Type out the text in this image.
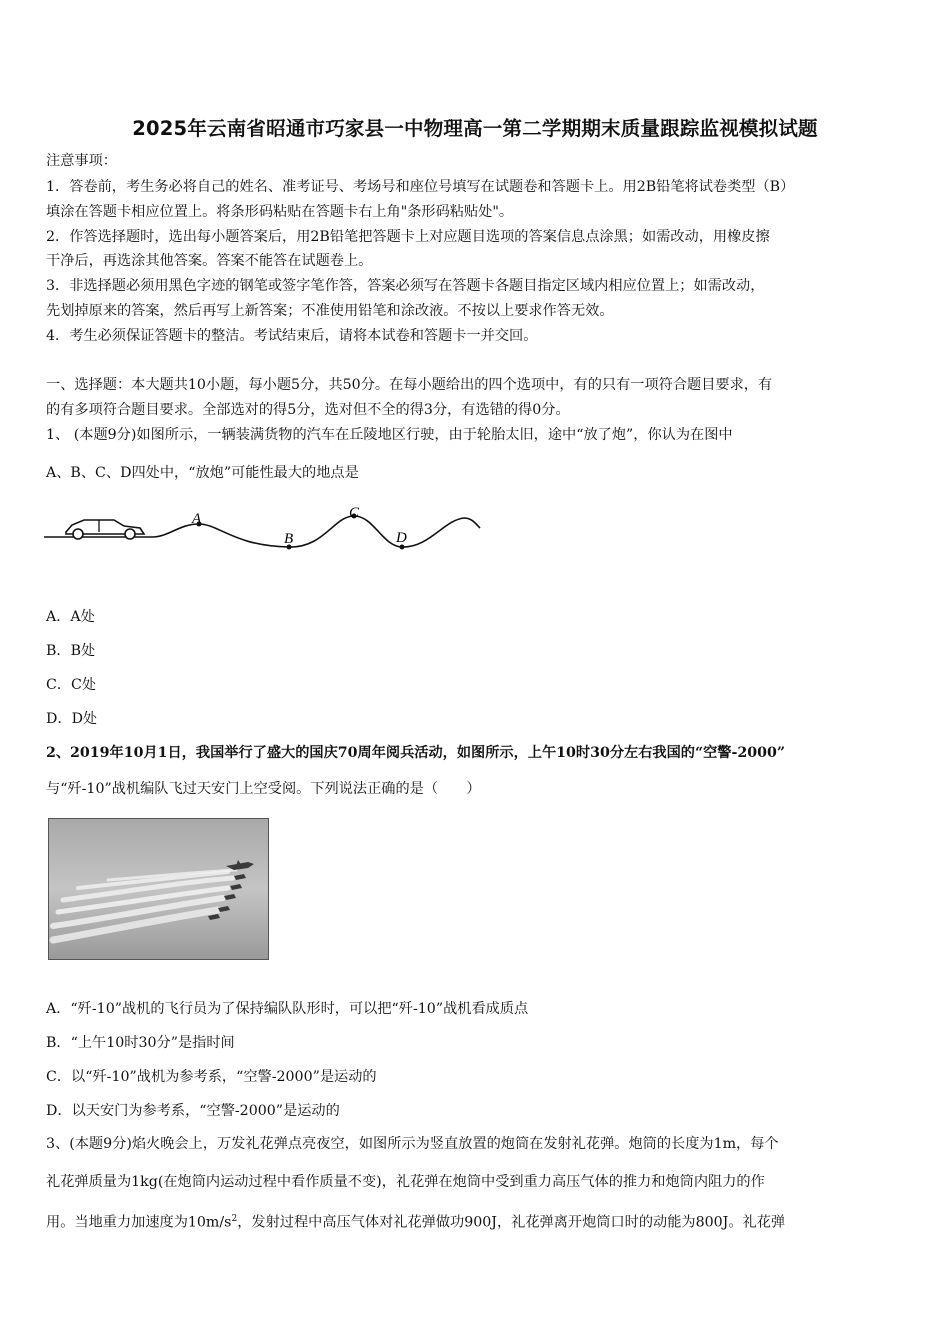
2025年云南省昭通市巧家县一中物理高一第二学期期末质量跟踪监视模拟试题
注意事项：
1．答卷前，考生务必将自己的姓名、准考证号、考场号和座位号填写在试题卷和答题卡上。用2B铅笔将试卷类型（B）
填涂在答题卡相应位置上。将条形码粘贴在答题卡右上角"条形码粘贴处"。
2．作答选择题时，选出每小题答案后，用2B铅笔把答题卡上对应题目选项的答案信息点涂黑；如需改动，用橡皮擦
干净后，再选涂其他答案。答案不能答在试题卷上。
3．非选择题必须用黑色字迹的钢笔或签字笔作答，答案必须写在答题卡各题目指定区域内相应位置上；如需改动，
先划掉原来的答案，然后再写上新答案；不准使用铅笔和涂改液。不按以上要求作答无效。
4．考生必须保证答题卡的整洁。考试结束后，请将本试卷和答题卡一并交回。
一、选择题：本大题共10小题，每小题5分，共50分。在每小题给出的四个选项中，有的只有一项符合题目要求，有
的有多项符合题目要求。全部选对的得5分，选对但不全的得3分，有选错的得0分。
1、 (本题9分)如图所示，一辆装满货物的汽车在丘陵地区行驶，由于轮胎太旧，途中“放了炮”，你认为在图中
A、B、C、D四处中，“放炮”可能性最大的地点是
A
B
C
D
A．A处
B．B处
C．C处
D．D处
2、2019年10月1日，我国举行了盛大的国庆70周年阅兵活动，如图所示，上午10时30分左右我国的“空警-2000”
与“歼-10”战机编队飞过天安门上空受阅。下列说法正确的是（　　）
A．“歼-10”战机的飞行员为了保持编队队形时，可以把“歼-10”战机看成质点
B．“上午10时30分”是指时间
C．以“歼-10”战机为参考系，“空警-2000”是运动的
D．以天安门为参考系，“空警-2000”是运动的
3、(本题9分)焰火晚会上，万发礼花弹点亮夜空，如图所示为竖直放置的炮筒在发射礼花弹。炮筒的长度为1m，每个
礼花弹质量为1kg(在炮筒内运动过程中看作质量不变)，礼花弹在炮筒中受到重力高压气体的推力和炮筒内阻力的作
用。当地重力加速度为$10m/s^2$，发射过程中高压气体对礼花弹做功900J，礼花弹离开炮筒口时的动能为800J。礼花弹
